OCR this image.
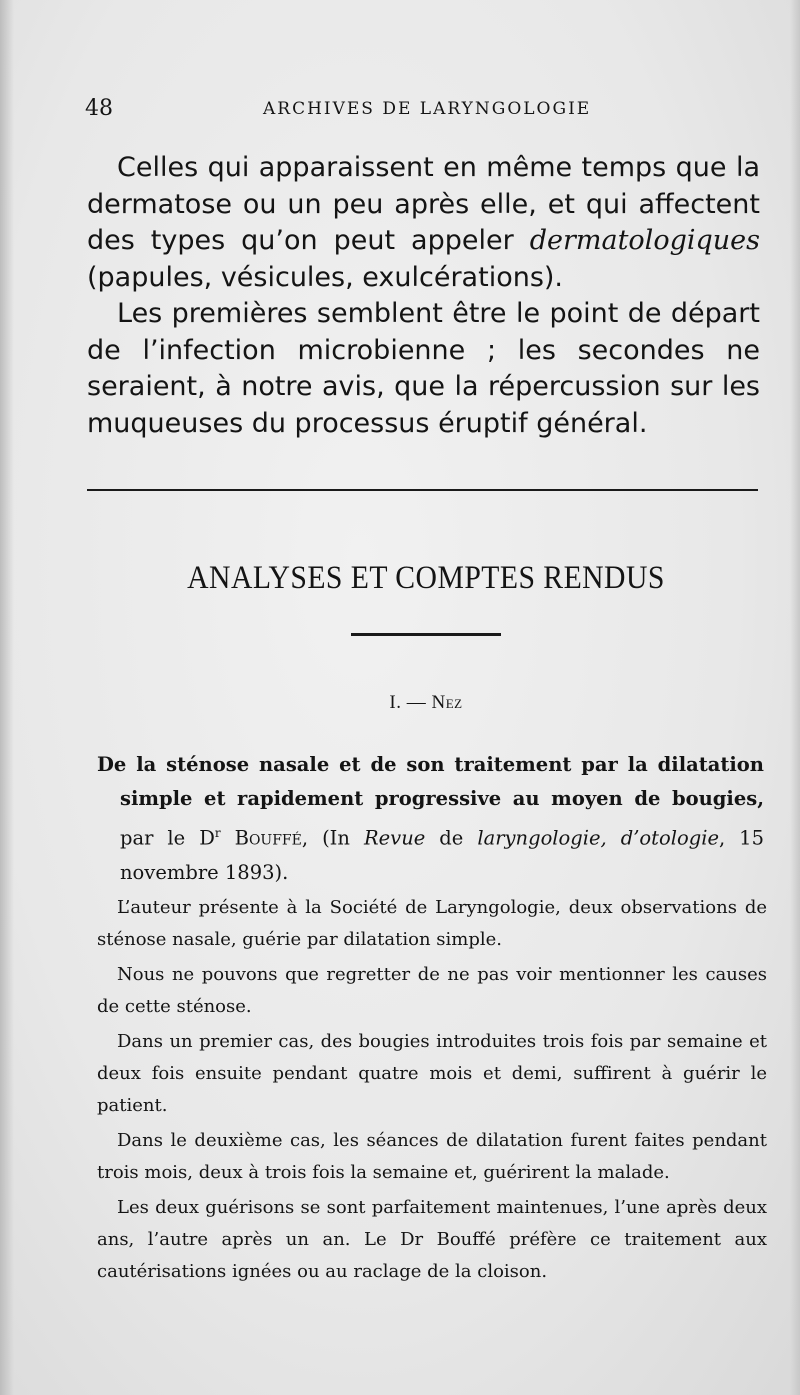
48	ARCHIVES DE LARYNGOLOGIE

Celles qui apparaissent en même temps que la dermatose ou un peu après elle, et qui affectent des types qu’on peut appeler dermatologiques (papules, vésicules, exulcérations).

Les premières semblent être le point de départ de l’infection microbienne ; les secondes ne seraient, à notre avis, que la répercussion sur les muqueuses du processus éruptif général.

ANALYSES ET COMPTES RENDUS
I. — Nez

De la sténose nasale et de son traitement par la dilatation simple et rapidement progressive au moyen de bougies, par le $D^r$ Bouffé, (In Revue de laryngologie, d’otologie, 15 novembre 1893).

L’auteur présente à la Société de Laryngologie, deux observations de sténose nasale, guérie par dilatation simple.

Nous ne pouvons que regretter de ne pas voir mentionner les causes de cette sténose.

Dans un premier cas, des bougies introduites trois fois par semaine et deux fois ensuite pendant quatre mois et demi, suffirent à guérir le patient.

Dans le deuxième cas, les séances de dilatation furent faites pendant trois mois, deux à trois fois la semaine et, guérirent la malade.

Les deux guérisons se sont parfaitement maintenues, l’une après deux ans, l’autre après un an. Le Dr Bouffé préfère ce traitement aux cautérisations ignées ou au raclage de la cloison.
